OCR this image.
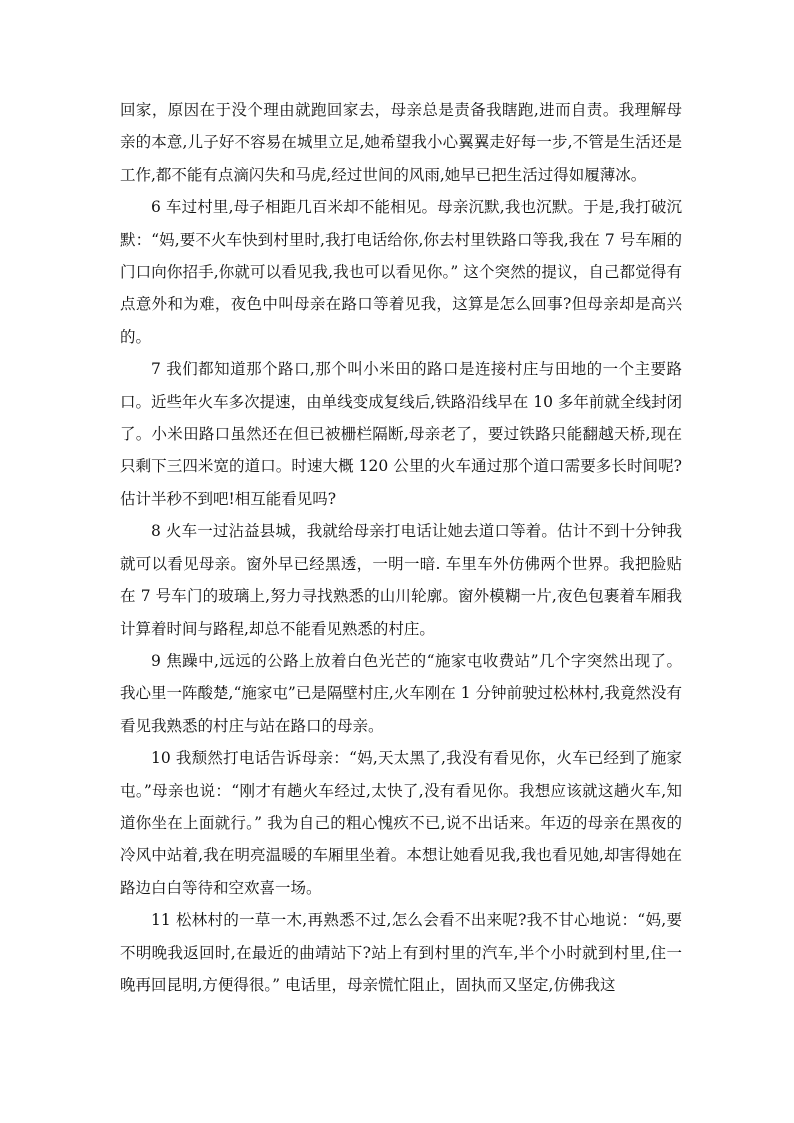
回家，原因在于没个理由就跑回家去，母亲总是责备我瞎跑,进而自责。我理解母亲的本意,儿子好不容易在城里立足,她希望我小心翼翼走好每一步,不管是生活还是工作,都不能有点滴闪失和马虎,经过世间的风雨,她早已把生活过得如履薄冰。

6 车过村里,母子相距几百米却不能相见。母亲沉默,我也沉默。于是,我打破沉默：“妈,要不火车快到村里时,我打电话给你,你去村里铁路口等我,我在 7 号车厢的门口向你招手,你就可以看见我,我也可以看见你。” 这个突然的提议，自己都觉得有点意外和为难，夜色中叫母亲在路口等着见我，这算是怎么回事?但母亲却是高兴的。

7 我们都知道那个路口,那个叫小米田的路口是连接村庄与田地的一个主要路口。近些年火车多次提速，由单线变成复线后,铁路沿线早在 10 多年前就全线封闭了。小米田路口虽然还在但已被栅栏隔断,母亲老了，要过铁路只能翻越天桥,现在只剩下三四米宽的道口。时速大概 120 公里的火车通过那个道口需要多长时间呢?估计半秒不到吧!相互能看见吗?

8 火车一过沾益县城，我就给母亲打电话让她去道口等着。估计不到十分钟我就可以看见母亲。窗外早已经黑透，一明一暗. 车里车外仿佛两个世界。我把脸贴在 7 号车门的玻璃上,努力寻找熟悉的山川轮廓。窗外模糊一片,夜色包裹着车厢我计算着时间与路程,却总不能看见熟悉的村庄。

9 焦躁中,远远的公路上放着白色光芒的“施家屯收费站”几个字突然出现了。我心里一阵酸楚,“施家屯”已是隔壁村庄,火车刚在 1 分钟前驶过松林村,我竟然没有看见我熟悉的村庄与站在路口的母亲。

10 我颓然打电话告诉母亲：“妈,天太黑了,我没有看见你，火车已经到了施家屯。”母亲也说：“刚才有趟火车经过,太快了,没有看见你。我想应该就这趟火车,知道你坐在上面就行。” 我为自己的粗心愧疚不已,说不出话来。年迈的母亲在黑夜的冷风中站着,我在明亮温暖的车厢里坐着。本想让她看见我,我也看见她,却害得她在路边白白等待和空欢喜一场。

11 松林村的一草一木,再熟悉不过,怎么会看不出来呢?我不甘心地说：“妈,要不明晚我返回时,在最近的曲靖站下?站上有到村里的汽车,半个小时就到村里,住一晚再回昆明,方便得很。” 电话里，母亲慌忙阻止，固执而又坚定,仿佛我这
